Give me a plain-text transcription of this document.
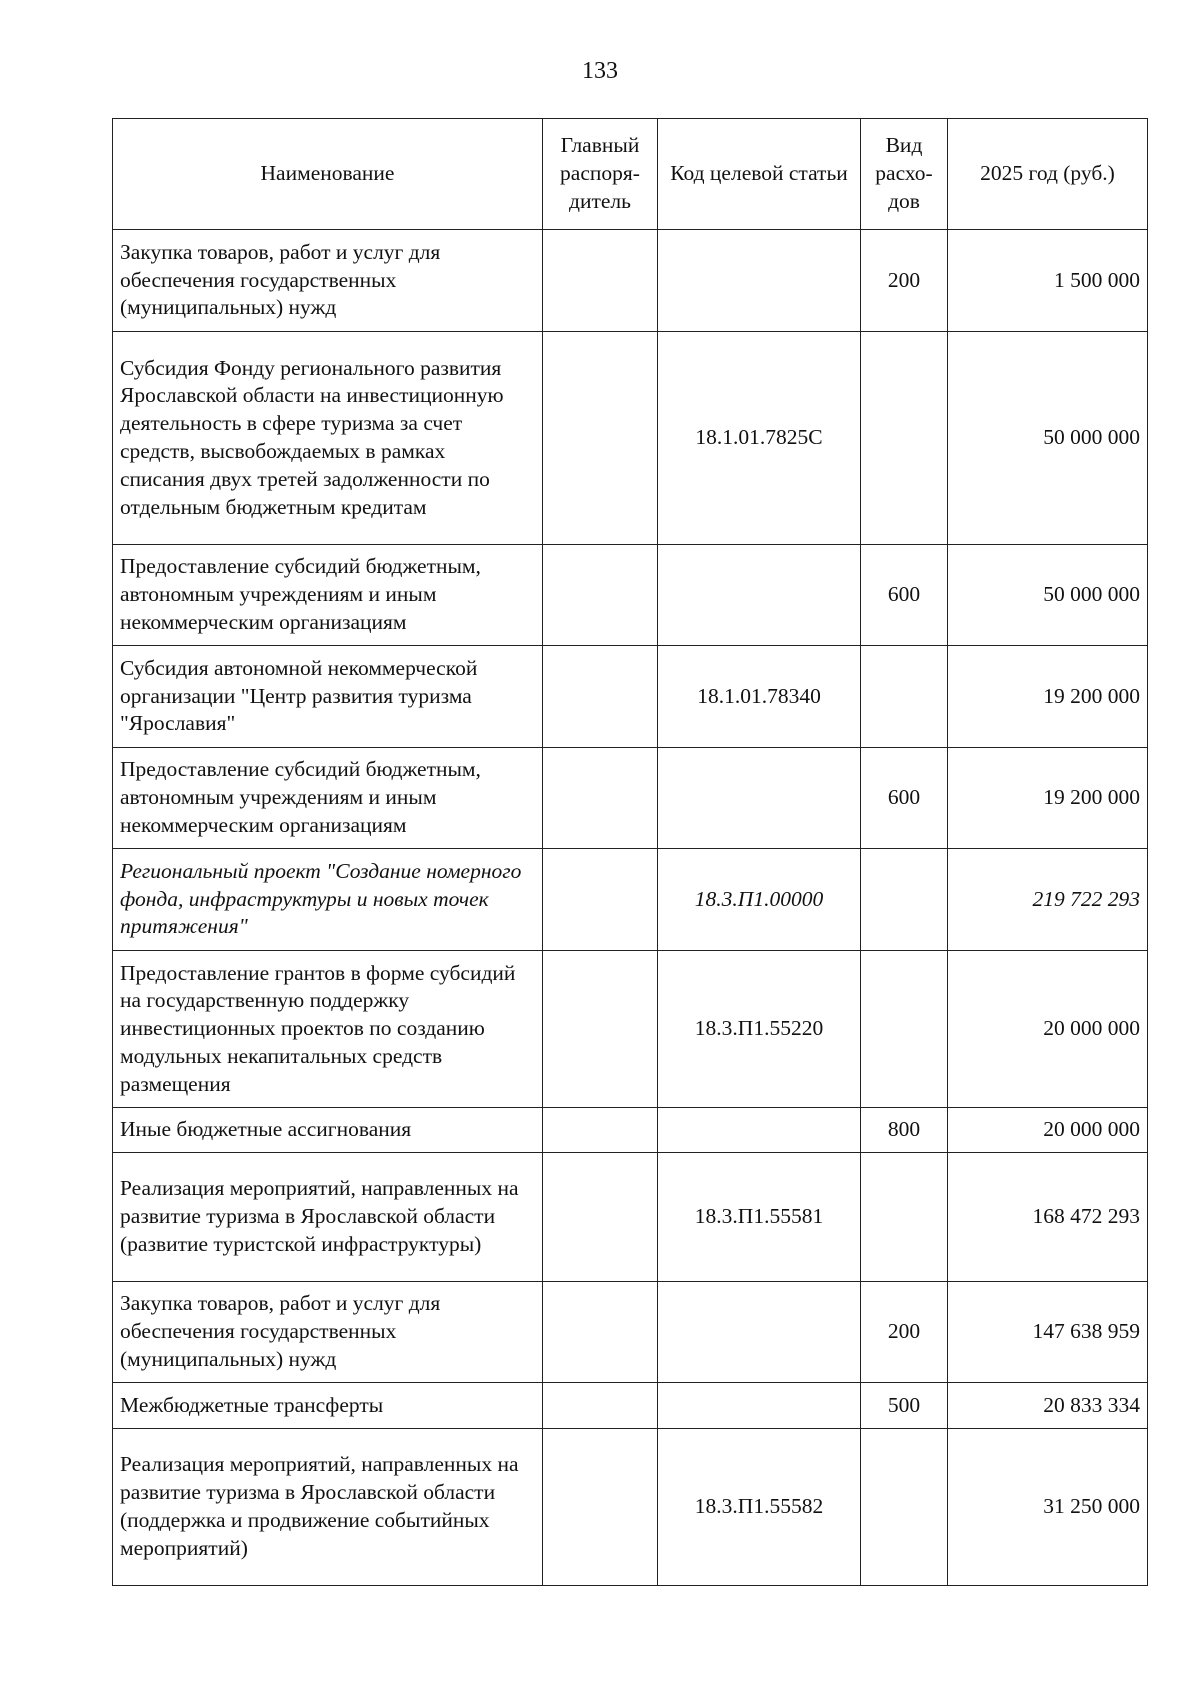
133
Наименование	Главный распоря-дитель	Код целевой статьи	Вид расхо-дов	2025 год (руб.)
Закупка товаров, работ и услуг для обеспечения государственных (муниципальных) нужд			200	1 500 000
Субсидия Фонду регионального развития Ярославской области на инвестиционную деятельность в сфере туризма за счет средств, высвобождаемых в рамках списания двух третей задолженности по отдельным бюджетным кредитам		18.1.01.7825С		50 000 000
Предоставление субсидий бюджетным, автономным учреждениям и иным некоммерческим организациям			600	50 000 000
Субсидия автономной некоммерческой организации "Центр развития туризма "Ярославия"		18.1.01.78340		19 200 000
Предоставление субсидий бюджетным, автономным учреждениям и иным некоммерческим организациям			600	19 200 000
Региональный проект "Создание номерного фонда, инфраструктуры и новых точек притяжения"		18.3.П1.00000		219 722 293
Предоставление грантов в форме субсидий на государственную поддержку инвестиционных проектов по созданию модульных некапитальных средств размещения		18.3.П1.55220		20 000 000
Иные бюджетные ассигнования			800	20 000 000
Реализация мероприятий, направленных на развитие туризма в Ярославской области (развитие туристской инфраструктуры)		18.3.П1.55581		168 472 293
Закупка товаров, работ и услуг для обеспечения государственных (муниципальных) нужд			200	147 638 959
Межбюджетные трансферты			500	20 833 334
Реализация мероприятий, направленных на развитие туризма в Ярославской области (поддержка и продвижение событийных мероприятий)		18.3.П1.55582		31 250 000
